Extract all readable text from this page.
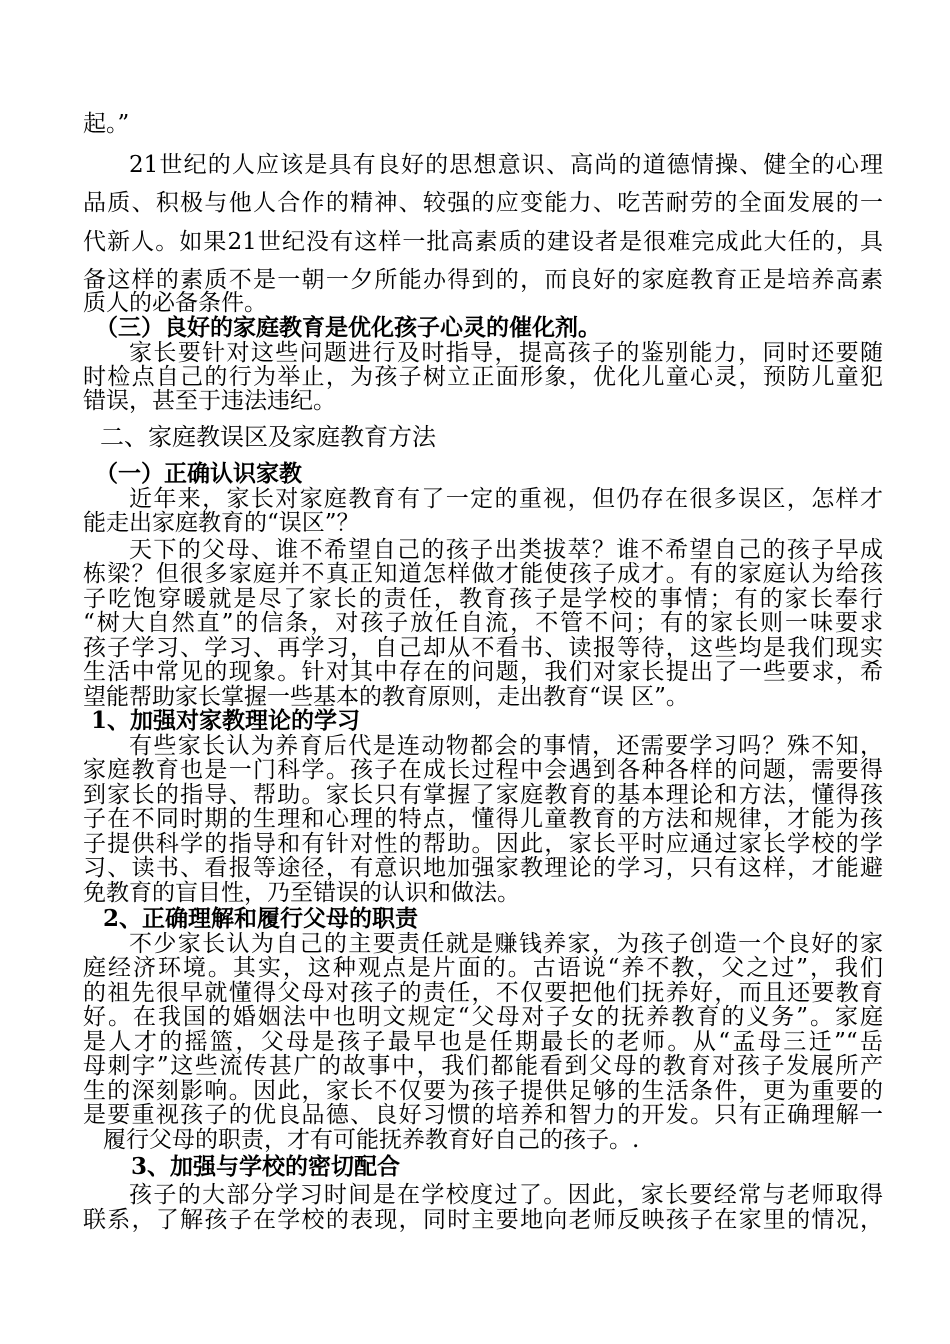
起。”
21世纪的人应该是具有良好的思想意识、高尚的道德情操、健全的心理
品质、积极与他人合作的精神、较强的应变能力、吃苦耐劳的全面发展的一
代新人。如果21世纪没有这样一批高素质的建设者是很难完成此大任的，具
备这样的素质不是一朝一夕所能办得到的，而良好的家庭教育正是培养高素
质人的必备条件。
（三）良好的家庭教育是优化孩子心灵的催化剂。
家长要针对这些问题进行及时指导，提高孩子的鉴别能力，同时还要随
时检点自己的行为举止，为孩子树立正面形象，优化儿童心灵，预防儿童犯
错误，甚至于违法违纪。
二、家庭教误区及家庭教育方法
（一）正确认识家教
近年来，家长对家庭教育有了一定的重视，但仍存在很多误区，怎样才
能走出家庭教育的“误区”？
天下的父母、谁不希望自己的孩子出类拔萃？谁不希望自己的孩子早成
栋梁？但很多家庭并不真正知道怎样做才能使孩子成才。有的家庭认为给孩
子吃饱穿暖就是尽了家长的责任，教育孩子是学校的事情；有的家长奉行
“树大自然直”的信条，对孩子放任自流，不管不问；有的家长则一味要求
孩子学习、学习、再学习，自己却从不看书、读报等待，这些均是我们现实
生活中常见的现象。针对其中存在的问题，我们对家长提出了一些要求，希
望能帮助家长掌握一些基本的教育原则，走出教育“误 区”。
1、加强对家教理论的学习
有些家长认为养育后代是连动物都会的事情，还需要学习吗？殊不知，
家庭教育也是一门科学。孩子在成长过程中会遇到各种各样的问题，需要得
到家长的指导、帮助。家长只有掌握了家庭教育的基本理论和方法，懂得孩
子在不同时期的生理和心理的特点，懂得儿童教育的方法和规律，才能为孩
子提供科学的指导和有针对性的帮助。因此，家长平时应通过家长学校的学
习、读书、看报等途径，有意识地加强家教理论的学习，只有这样，才能避
免教育的盲目性，乃至错误的认识和做法。
2、正确理解和履行父母的职责
不少家长认为自己的主要责任就是赚钱养家，为孩子创造一个良好的家
庭经济环境。其实，这种观点是片面的。古语说“养不教，父之过”，我们
的祖先很早就懂得父母对孩子的责任，不仅要把他们抚养好，而且还要教育
好。在我国的婚姻法中也明文规定“父母对子女的抚养教育的义务”。家庭
是人才的摇篮，父母是孩子最早也是任期最长的老师。从“孟母三迁”“岳
母刺字”这些流传甚广的故事中，我们都能看到父母的教育对孩子发展所产
生的深刻影响。因此，家长不仅要为孩子提供足够的生活条件，更为重要的
是要重视孩子的优良品德、良好习惯的培养和智力的开发。只有正确理解一
履行父母的职责，才有可能抚养教育好自己的孩子。.
3、加强与学校的密切配合
孩子的大部分学习时间是在学校度过了。因此，家长要经常与老师取得
联系，了解孩子在学校的表现，同时主要地向老师反映孩子在家里的情况，
